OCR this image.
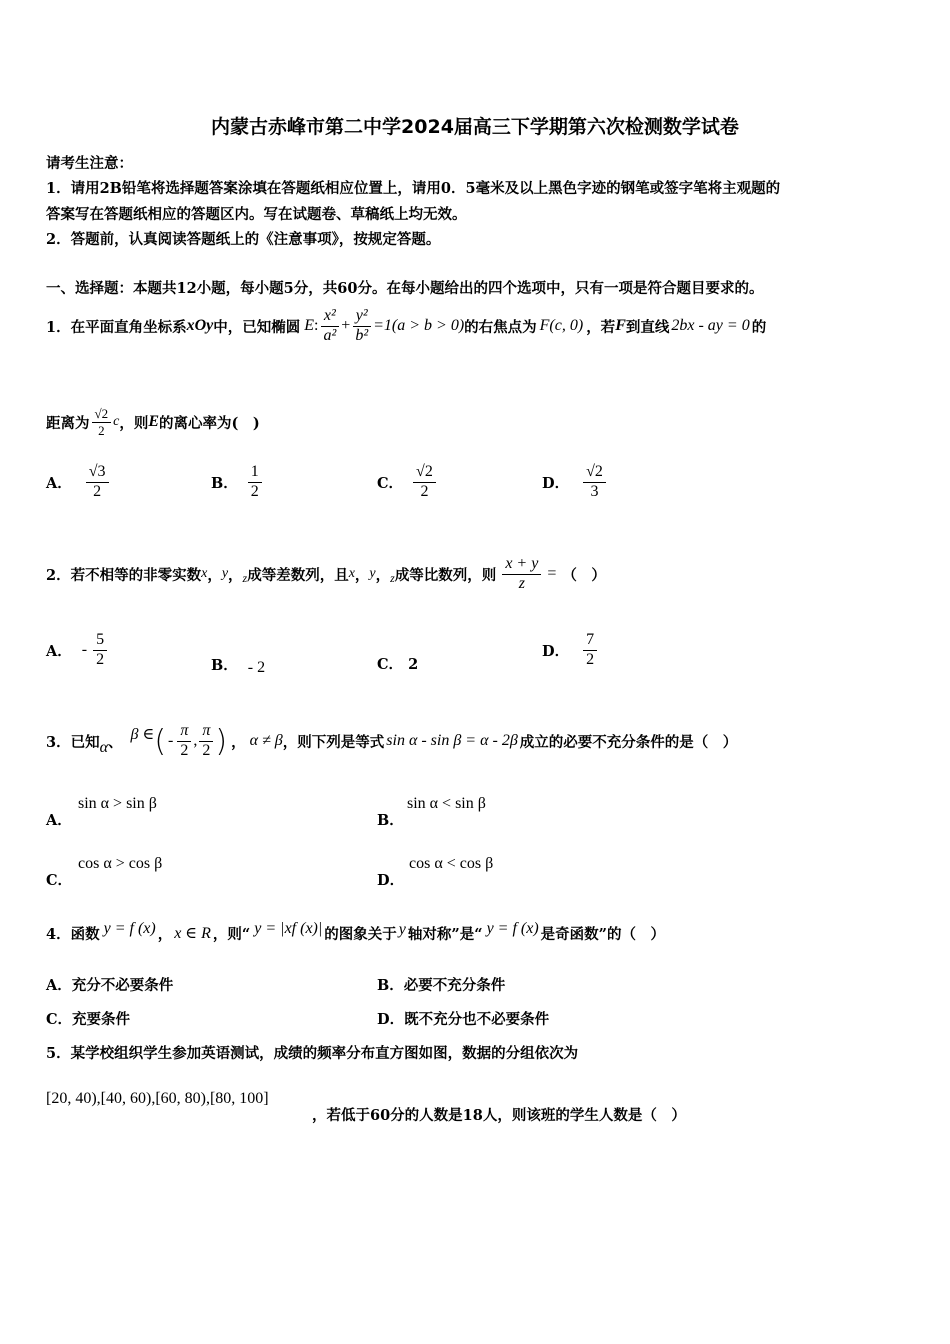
内蒙古赤峰市第二中学2024届高三下学期第六次检测数学试卷
请考生注意：
1．请用2B铅笔将选择题答案涂填在答题纸相应位置上，请用0．5毫米及以上黑色字迹的钢笔或签字笔将主观题的
答案写在答题纸相应的答题区内。写在试题卷、草稿纸上均无效。
2．答题前，认真阅读答题纸上的《注意事项》，按规定答题。
一、选择题：本题共12小题，每小题5分，共60分。在每小题给出的四个选项中，只有一项是符合题目要求的。
1．在平面直角坐标系 xOy 中，已知椭圆 E : $\frac{\text{x²}}{\text{a²}} + \frac{\text{y²}}{\text{b²}} =1(a > b > 0)$ 的右焦点为 F(c, 0) ，若 F 到直线 2bx - ay = 0 的
距离为 $\frac{√2}{2}$ c ，则 E 的离心率为(　)
A． $\frac{√3}{2}$	B． $\frac{1}{2}$	C． $\frac{√2}{2}$	D． $\frac{√2}{3}$
2．若不相等的非零实数 x ， y ， z 成等差数列，且 x ， y ， z 成等比数列，则 $\frac{x + y}{z}$ = （　）
A． - $\frac{5}{2}$	B． - 2	C． 2
D． $\frac{7}{2}$
3．已知 α 、 β ∈ ( - $\frac{\pi}{2}$ , $\frac{\pi}{2}$ ) ， α ≠ β ，则下列是等式 sin α - sin β = α - 2β 成立的必要不充分条件的是（　）
sin α > sin β
A．
sin α < sin β
B．
cos α > cos β
C．
cos α < cos β
D．
4．函数 y = f (x) ， x ∈ R ，则“ y = |xf (x)| 的图象关于 y 轴对称”是“ y = f (x) 是奇函数”的（　）
A．充分不必要条件	B．必要不充分条件
C．充要条件	D．既不充分也不必要条件
5．某学校组织学生参加英语测试，成绩的频率分布直方图如图，数据的分组依次为
[20, 40),[40, 60),[60, 80),[80, 100]
，若低于60分的人数是18人，则该班的学生人数是（　）
